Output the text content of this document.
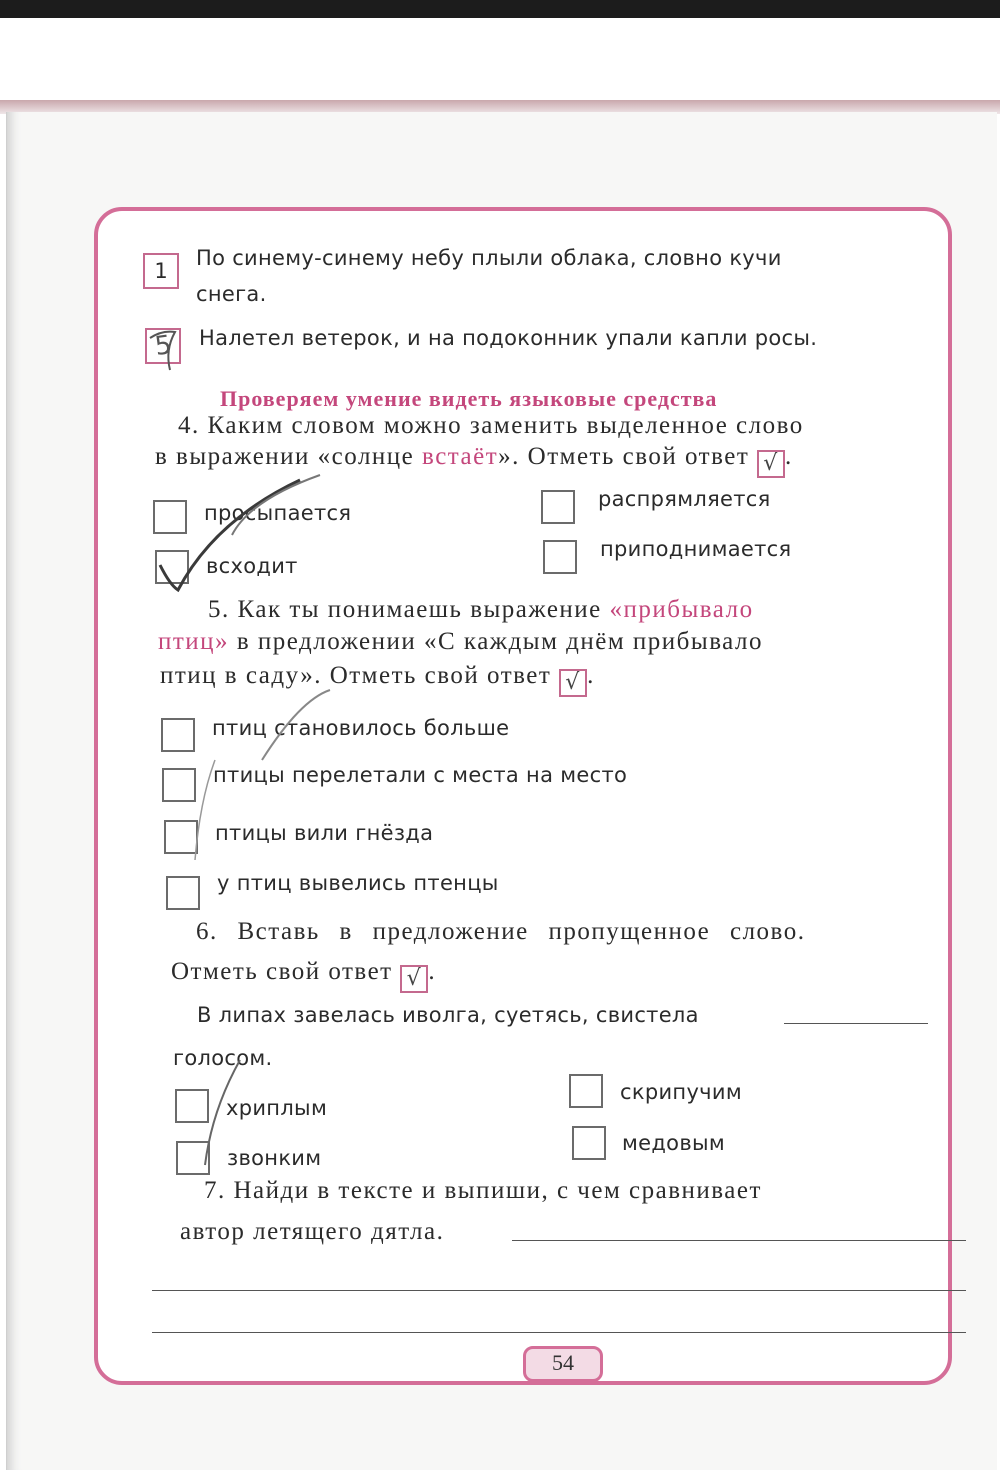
1
По синему-синему небу плыли облака, словно кучи
снега.
5	Налетел ветерок, и на подоконник упали капли росы.
Проверяем умение видеть языковые средства
4. Каким словом можно заменить выделенное слово
в выражении «солнце встаёт». Отметь свой ответ √ .
просыпается
всходит
распрямляется
приподнимается
5. Как ты понимаешь выражение «прибывало
птиц» в предложении «С каждым днём прибывало
птиц в саду». Отметь свой ответ √ .
птиц становилось больше
птицы перелетали с места на место
птицы вили гнёзда
у птиц вывелись птенцы
6. Вставь в предложение пропущенное слово.
Отметь свой ответ √ .
В липах завелась иволга, суетясь, свистела
голосом.
хриплым
звонким
скрипучим
медовым
7. Найди в тексте и выпиши, с чем сравнивает
автор летящего дятла.
54
